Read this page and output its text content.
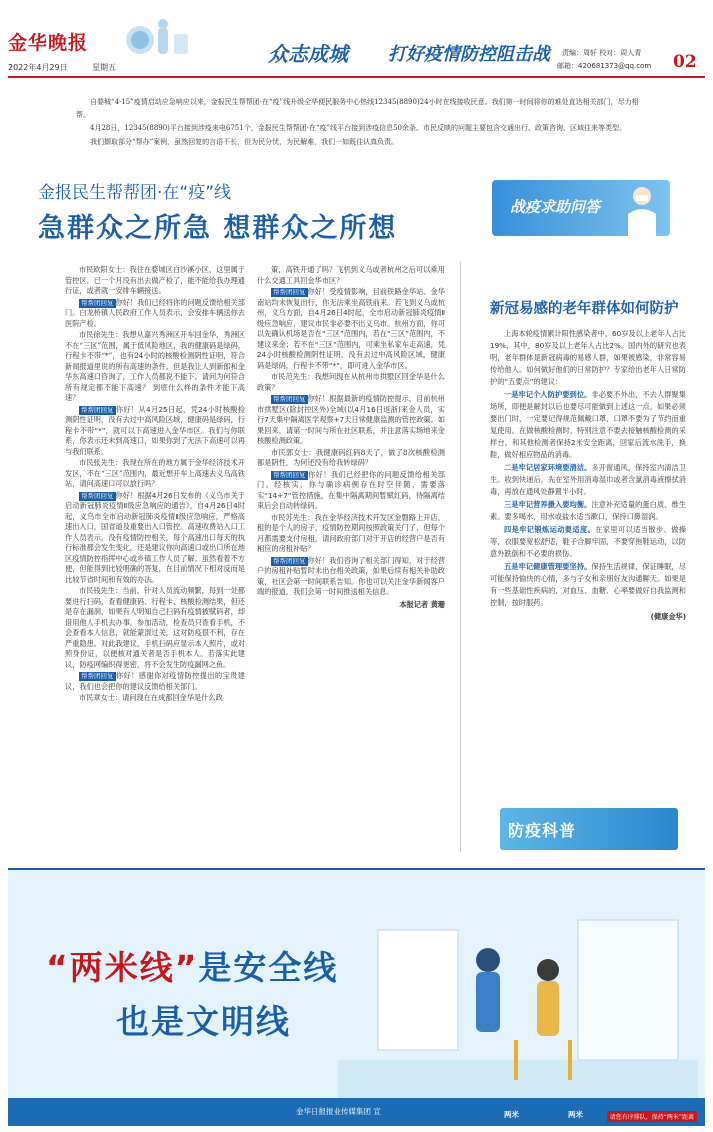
金华晚报
2022年4月29日	星期五
众志成城 打好疫情防控阻击战 责编：周轩 校对：周人青
邮箱：420681373@qq.com 02

自婺城“4·15”疫情启动应急响应以来，金报民生帮帮团·在“疫”线升级全华便民服务中心热线12345(8890)24小时在线接收民意。我们第一时间将你的难处直达相关部门，尽力相帮。

4月28日，12345(8890)平台接到涉疫来电6751个，金报民生帮帮团·在“疫”线平台接到涉疫信息50余条。市民反映的问题主要包含交通出行、政策咨询、区域往来等类型。

我们撷取部分“帮办”案例，虽然回复的言语不长，但为民分忧，为民解难，我们一如既往认真负责。

金报民生帮帮团·在“疫”线
急群众之所急 想群众之所想
战疫求助问答

市民欧阳女士：我住在婺城区白沙溪小区，这里属于管控区，已一个月没有出去做产检了，能不能给我办理通行证，或者就一安排车辆接送。

帮帮团回复 你好！我们已经将你的问题反馈给相关部门。白龙桥镇人民政府工作人员表示，会安排车辆送你去医院产检。

市民徐先生：我想从嘉兴秀洲区开车回金华，秀洲区不在“三区”范围，属于低风险地区，我的健康码是绿码，行程卡不带“*”，也有24小时的核酸检测阴性证明，符合新闻报道里说的所有高速的条件。但是我让人到新郎和金华东高速口咨询了，工作人员都说不能下。请问为何符合所有规定都不能下高速？ 到底什么样的条件才能下高速？

帮帮团回复 你好！从4月25日起，凭24小时核酸检测阴性证明，没有去过中高风险区域，健康码是绿码，行程卡不带“*”，就可以下高速进入金华市区。我们与你联系，你表示还未到高速口，如果你到了无法下高速可以再与我们联系。

市民张先生：我现在所在的地方属于金华经济技术开发区，不在“三区”范围内，最近想开车上高速去义乌高铁站，请问高速口可以放行吗？

帮帮团回复 你好！根据4月26日发布的《义乌市关于启动新冠肺炎疫情Ⅱ级应急响应的通告》，自4月26日4时起，义乌市全市启动新冠肺炎疫情Ⅱ级应急响应，严格高速出入口，国省道及重要出入口管控。高速收费站入口工作人员表示，没有疫情防控相关，每个高速出口每天的执行标准都会发生变化，还是建议你向高速口或出口所在地区疫情防控指挥中心或乡镇工作人员了解。虽然看着不方便，但能得到比较明确的答复，在目前情况下相对反而是比较节省时间和有效的办法。

市民钱先生：当前，针对人员流动频繁，每到一处都要进行扫码，查看健康码、行程卡、核酸检测结果，但还是存在漏洞，如果有人明知自己扫码有疫情被赋码者，却借用他人手机去办事，参加活动，检查员只查看手机，不会查看本人信息，就能蒙混过关，这对防疫很不利，存在严重隐患。对此我建议，手机扫码应显示本人照片，或对照身份证，以便核对通关者是否手机本人。若落实此建议，防疫网编织得更密，将不会发生防疫漏网之鱼。

帮帮团回复 你好！感谢你对疫情防控提出的宝贵建议，我们也会把你的建议反馈给相关部门。

市民章女士：请问现在在成都回金华是什么政

策，高铁开通了吗？飞机到义乌或者杭州之后可以乘用什么交通工具回金华市区？

帮帮团回复 你好！受疫情影响，目前铁路金华站、金华南站均未恢复出行，你无法乘坐高铁前来。若飞到义乌或杭州，义乌方面，自4月26日4时起，全市启动新冠肺炎疫情Ⅱ级应急响应，建议市民非必要不出义乌市。杭州方面，你可以先确认机场是否在“三区”范围内，若在“三区”范围内，不建议来金；若不在“三区”范围内，可乘坐私家车走高速，凭24小时核酸检测阴性证明，没有去过中高风险区域，健康码是绿码，行程卡不带“*”，即可进入金华市区。

市民范先生：我想问现在从杭州市拱墅区回金华是什么政策？

帮帮团回复 你好！根据最新的疫情防控提示，目前杭州市拱墅区(除封控区外)全域(以4月16日返浙)来金人员，实行7天集中隔离医学观察+7天日常健康监测的管控政策。如果回来，请第一时间与所在社区联系，并注意落实场地来金核酸检测政策。

市民郭女士：我健康码红码8天了，做了8次核酸检测都是阴性，为何还没有给我转绿码？

帮帮团回复 你好！我们已经把你的问题反馈给相关部门。经核实，你与确诊病例存在时空伴随，需要落实“14+7”管控措施，在集中隔离期间暂赋红码，待隔离结束后会自动转绿码。

市民苏先生：我在金华经济技术开发区金磐路上开店，租的是个人的房子，疫情防控期间按照政策关门了，但每个月都需要支付房租，请问政府部门对于开店的经营户是否有相应的房租补贴？

帮帮团回复 你好！我们咨询了相关部门得知，对于经营户的房租补贴暂时未出台相关政策，如果后续有相关补助政策，社区会第一时间联系告知。你也可以关注金华新闻客户端的报道，我们会第一时间推送相关信息。

本报记者 黄珊
新冠易感的老年群体如何防护

上海本轮疫情累计阳性感染者中，60岁及以上老年人占比19%，其中，80岁及以上老年人占比2%。国内外的研究也表明，老年群体是新冠病毒的易感人群，如果被感染，非常容易传给他人。如何做好他们的日常防护？专家给出老年人日常防护的“五要点”的建议：

一是牢记个人防护要到位。非必要不外出，不去人群聚集场所，即便是解封以后也要尽可能做到上述这一点。如果必须要出门时，一定要记得规范佩戴口罩，口罩不要为了节约而重复使用。在做核酸检测时，特别注意不要去接触核酸检测的采样台，和其他检测者保持2米安全距离，回家后流水洗手，换鞋，做好相应物品的消毒。

二是牢记居家环境要清洁。多开窗通风，保持室内清洁卫生。收到快递后，先在室外用消毒湿巾或者含氯消毒液擦拭消毒，再放在通风处静置半小时。

三是牢记营养摄入要均衡。注意补充适量的蛋白质、维生素。要多喝水，用水或盐水适当漱口，保持口鼻湿润。

四是牢记锻炼运动要适度。在家里可以适当散步、做操等，衣服要宽松舒适，鞋子合脚牢固，不要穿拖鞋运动，以防意外跌倒和不必要的损伤。

五是牢记健康管理要坚持。保持生活规律，保证睡眠，尽可能保持愉快的心情，多与子女和亲朋好友沟通聊天。如果是有一些基础性疾病的，对血压、血糖、心率要做好自我监测和控制，按时服药。

(健康金华)
防疫科普
“两米线”是安全线
也是文明线
金华日报报业传媒集团 宣	两米	两米	请您有序排队，保持“两米”距离
